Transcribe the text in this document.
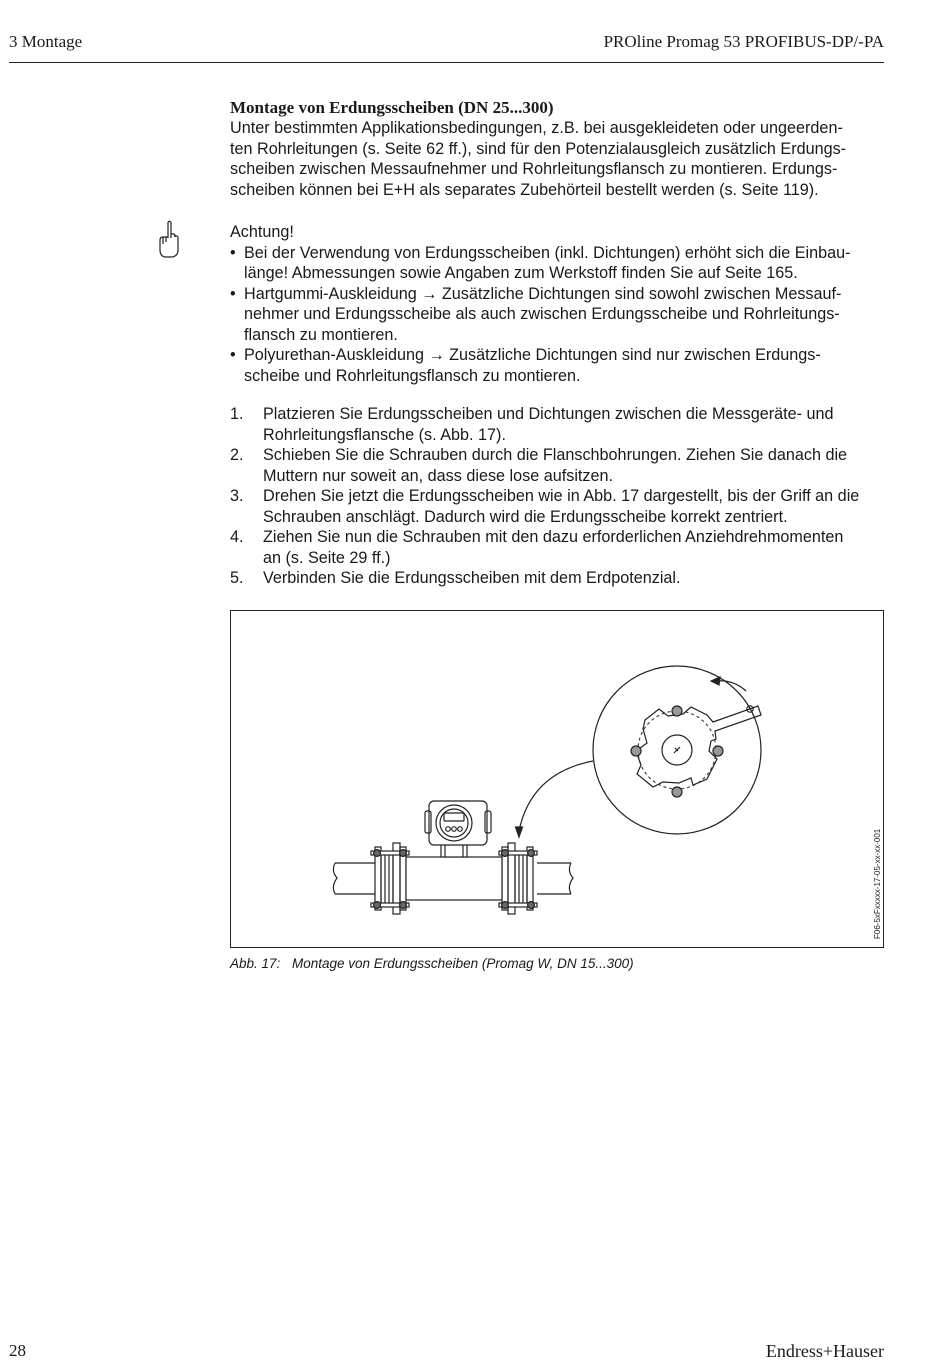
3 Montage	PROline Promag 53 PROFIBUS-DP/-PA

Montage von Erdungsscheiben (DN 25...300)

Unter bestimmten Applikationsbedingungen, z.B. bei ausgekleideten oder ungeerden-

ten Rohrleitungen (s. Seite 62 ff.), sind für den Potenzialausgleich zusätzlich Erdungs-

scheiben zwischen Messaufnehmer und Rohrleitungsflansch zu montieren. Erdungs-

scheiben können bei E+H als separates Zubehörteil bestellt werden (s. Seite 119).

Achtung!
• Bei der Verwendung von Erdungsscheiben (inkl. Dichtungen) erhöht sich die Einbau-
länge! Abmessungen sowie Angaben zum Werkstoff finden Sie auf Seite 165.
• Hartgummi-Auskleidung → Zusätzliche Dichtungen sind sowohl zwischen Messauf-
nehmer und Erdungsscheibe als auch zwischen Erdungsscheibe und Rohrleitungs-
flansch zu montieren.
• Polyurethan-Auskleidung → Zusätzliche Dichtungen sind nur zwischen Erdungs-
scheibe und Rohrleitungsflansch zu montieren.
1. Platzieren Sie Erdungsscheiben und Dichtungen zwischen die Messgeräte- und
Rohrleitungsflansche (s. Abb. 17).
2. Schieben Sie die Schrauben durch die Flanschbohrungen. Ziehen Sie danach die
Muttern nur soweit an, dass diese lose aufsitzen.
3. Drehen Sie jetzt die Erdungsscheiben wie in Abb. 17 dargestellt, bis der Griff an die
Schrauben anschlägt. Dadurch wird die Erdungsscheibe korrekt zentriert.
4. Ziehen Sie nun die Schrauben mit den dazu erforderlichen Anziehdrehmomenten
an (s. Seite 29 ff.)
5. Verbinden Sie die Erdungsscheiben mit dem Erdpotenzial.
F06-5xFxxxxx-17-05-xx-xx-001
Abb. 17: Montage von Erdungsscheiben (Promag W, DN 15...300)
28	Endress+Hauser
